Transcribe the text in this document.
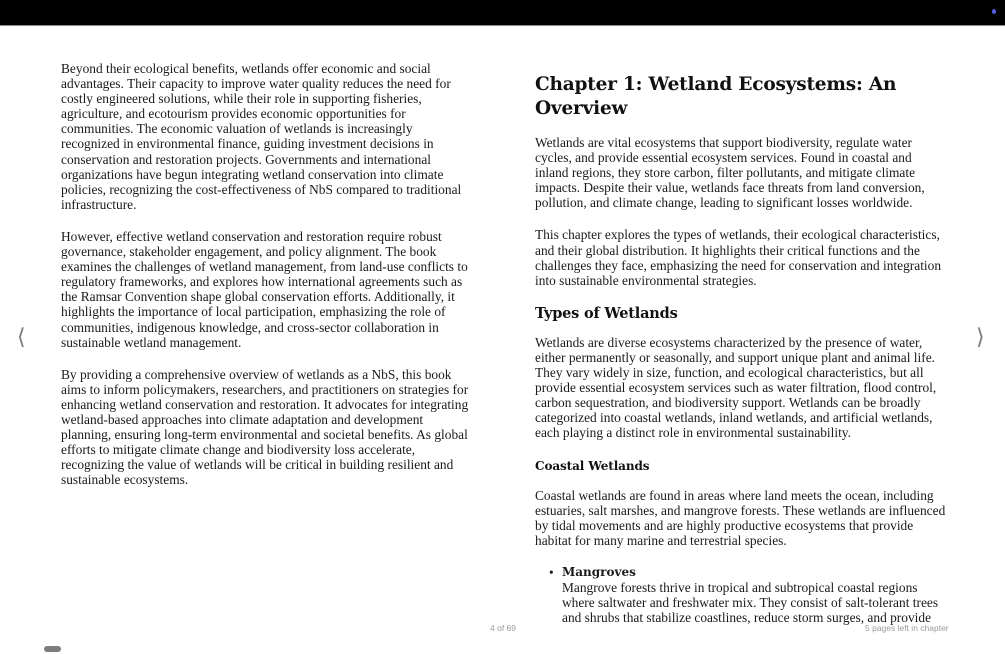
Beyond their ecological benefits, wetlands offer economic and social advantages. Their capacity to improve water quality reduces the need for costly engineered solutions, while their role in supporting fisheries, agriculture, and ecotourism provides economic opportunities for communities. The economic valuation of wetlands is increasingly recognized in environmental finance, guiding investment decisions in conservation and restoration projects. Governments and international organizations have begun integrating wetland conservation into climate policies, recognizing the cost-effectiveness of NbS compared to traditional infrastructure.

However, effective wetland conservation and restoration require robust governance, stakeholder engagement, and policy alignment. The book examines the challenges of wetland management, from land-use conflicts to regulatory frameworks, and explores how international agreements such as the Ramsar Convention shape global conservation efforts. Additionally, it highlights the importance of local participation, emphasizing the role of communities, indigenous knowledge, and cross-sector collaboration in sustainable wetland management.

By providing a comprehensive overview of wetlands as a NbS, this book aims to inform policymakers, researchers, and practitioners on strategies for enhancing wetland conservation and restoration. It advocates for integrating wetland-based approaches into climate adaptation and development planning, ensuring long-term environmental and societal benefits. As global efforts to mitigate climate change and biodiversity loss accelerate, recognizing the value of wetlands will be critical in building resilient and sustainable ecosystems.

Chapter 1: Wetland Ecosystems: An Overview

Wetlands are vital ecosystems that support biodiversity, regulate water cycles, and provide essential ecosystem services. Found in coastal and inland regions, they store carbon, filter pollutants, and mitigate climate impacts. Despite their value, wetlands face threats from land conversion, pollution, and climate change, leading to significant losses worldwide.

This chapter explores the types of wetlands, their ecological characteristics, and their global distribution. It highlights their critical functions and the challenges they face, emphasizing the need for conservation and integration into sustainable environmental strategies.

Types of Wetlands

Wetlands are diverse ecosystems characterized by the presence of water, either permanently or seasonally, and support unique plant and animal life. They vary widely in size, function, and ecological characteristics, but all provide essential ecosystem services such as water filtration, flood control, carbon sequestration, and biodiversity support. Wetlands can be broadly categorized into coastal wetlands, inland wetlands, and artificial wetlands, each playing a distinct role in environmental sustainability.

Coastal Wetlands

Coastal wetlands are found in areas where land meets the ocean, including estuaries, salt marshes, and mangrove forests. These wetlands are influenced by tidal movements and are highly productive ecosystems that provide habitat for many marine and terrestrial species.

• Mangroves
Mangrove forests thrive in tropical and subtropical coastal regions where saltwater and freshwater mix. They consist of salt-tolerant trees and shrubs that stabilize coastlines, reduce storm surges, and provide
⟨	⟩
4 of 69	5 pages left in chapter
